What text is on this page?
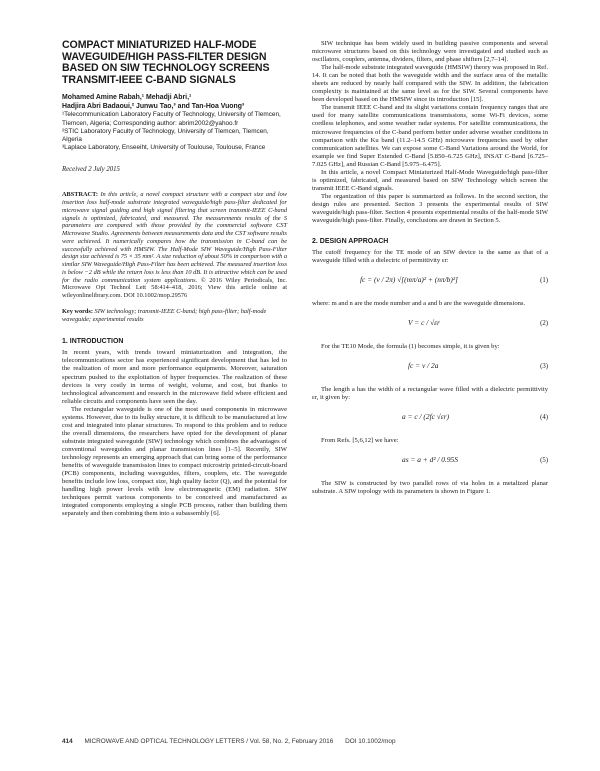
COMPACT MINIATURIZED HALF-MODE WAVEGUIDE/HIGH PASS-FILTER DESIGN BASED ON SIW TECHNOLOGY SCREENS TRANSMIT-IEEE C-BAND SIGNALS
Mohamed Amine Rabah,¹ Mehadji Abri,¹
Hadjira Abri Badaoui,² Junwu Tao,³ and Tan-Hoa Vuong³
¹Telecommunication Laboratory Faculty of Technology, University of Tlemcen, Tlemcen, Algeria; Corresponding author: abrim2002@yahoo.fr
²STIC Laboratory Faculty of Technology, University of Tlemcen, Tlemcen, Algeria
³Laplace Laboratory, Enseeiht, University of Toulouse, Toulouse, France
Received 2 July 2015
ABSTRACT: In this article, a novel compact structure with a compact size and low insertion loss half-mode substrate integrated waveguide/high pass-filter dedicated for microwave signal guiding and high signal filtering that screen transmit-IEEE C-band signals is optimized, fabricated, and measured. The measurements results of the S parameters are compared with those provided by the commercial software CST Microwave Studio. Agreements between measurements data and the CST software results were achieved. It numerically compares how the transmission in C-band can be successfully achieved with HMSIW. The Half-Mode SIW Waveguide/High Pass-Filter design size achieved is 75 × 35 mm². A size reduction of about 50% in comparison with a similar SIW Waveguide/High Pass-Filter has been achieved. The measured insertion loss is below −2 dB while the return loss is less than 10 dB. It is attractive which can be used for the radio communication system applications. © 2016 Wiley Periodicals, Inc. Microwave Opt Technol Lett 58:414–418, 2016; View this article online at wileyonlinelibrary.com. DOI 10.1002/mop.29576
Key words: SIW technology; transmit-IEEE C-band; high pass-filter; half-mode waveguide; experimental results
1. INTRODUCTION

In recent years, with trends toward miniaturization and integration, the telecommunications sector has experienced significant development that has led to the realization of more and more performance equipments. Moreover, saturation spectrum pushed to the exploitation of hyper frequencies. The realization of these devices is very costly in terms of weight, volume, and cost, but thanks to technological advancement and research in the microwave field where efficient and reliable circuits and components have seen the day.

The rectangular waveguide is one of the most used components in microwave systems. However, due to its bulky structure, it is difficult to be manufactured at low cost and integrated into planar structures. To respond to this problem and to reduce the overall dimensions, the researchers have opted for the development of planar substrate integrated waveguide (SIW) technology which combines the advantages of conventional waveguides and planar transmission lines [1–5]. Recently, SIW technology represents an emerging approach that can bring some of the performance benefits of waveguide transmission lines to compact microstrip printed-circuit-board (PCB) components, including waveguides, filters, couplers, etc. The waveguide benefits include low loss, compact size, high quality factor (Q), and the potential for handling high power levels with low electromagnetic (EM) radiation. SIW techniques permit various components to be conceived and manufactured as integrated components employing a single PCB process, rather than building them separately and then combining them into a subassembly [6].

SIW technique has been widely used in building passive components and several microwave structures based on this technology were investigated and studied such as oscillators, couplers, antenna, dividers, filters, and phase shifters [2,7–14].

The half-mode substrate integrated waveguide (HMSIW) theory was proposed in Ref. 14. It can be noted that both the waveguide width and the surface area of the metallic sheets are reduced by nearly half compared with the SIW. In addition, the fabrication complexity is maintained at the same level as for the SIW. Several components have been developed based on the HMSIW since its introduction [15].

The transmit IEEE C-band and its slight variations contain frequency ranges that are used for many satellite communications transmissions, some Wi-Fi devices, some cordless telephones, and some weather radar systems. For satellite communications, the microwave frequencies of the C-band perform better under adverse weather conditions in comparison with the Ku band (11.2–14.5 GHz) microwave frequencies used by other communication satellites. We can expose some C-Band Variations around the World, for example we find Super Extended C-Band [5.850–6.725 GHz], INSAT C-Band [6.725–7.025 GHz], and Russian C-Band [5.975–6.475].

In this article, a novel Compact Miniaturized Half-Mode Waveguide/high pass-filter is optimized, fabricated, and measured based on SIW Technology which screen the transmit IEEE C-Band signals.

The organization of this paper is summarized as follows. In the second section, the design rules are presented. Section 3 presents the experimental results of SIW waveguide/high pass-filter. Section 4 presents experimental results of the half-mode SIW waveguide/high pass-filter. Finally, conclusions are drawn in Section 5.

2. DESIGN APPROACH

The cutoff frequency for the TE mode of an SIW device is the same as that of a waveguide filled with a dielectric of permittivity εr:

fc = (v / 2π) √[(mπ/a)² + (nπ/b)²]	(1)

where: m and n are the mode number and a and b are the waveguide dimensions.

V = c / √εr	(2)

For the TE10 Mode, the formula (1) becomes simple, it is given by:

fc = v / 2a	(3)

The length a has the width of a rectangular wave filled with a dielectric permittivity εr, it given by:

a = c / (2fc √εr)	(4)

From Refs. [5,6,12] we have:

as = a + d² / 0.95S	(5)

The SIW is constructed by two parallel rows of via holes in a metalized planar substrate. A SIW topology with its parameters is shown in Figure 1.

414 MICROWAVE AND OPTICAL TECHNOLOGY LETTERS / Vol. 58, No. 2, February 2016 DOI 10.1002/mop
